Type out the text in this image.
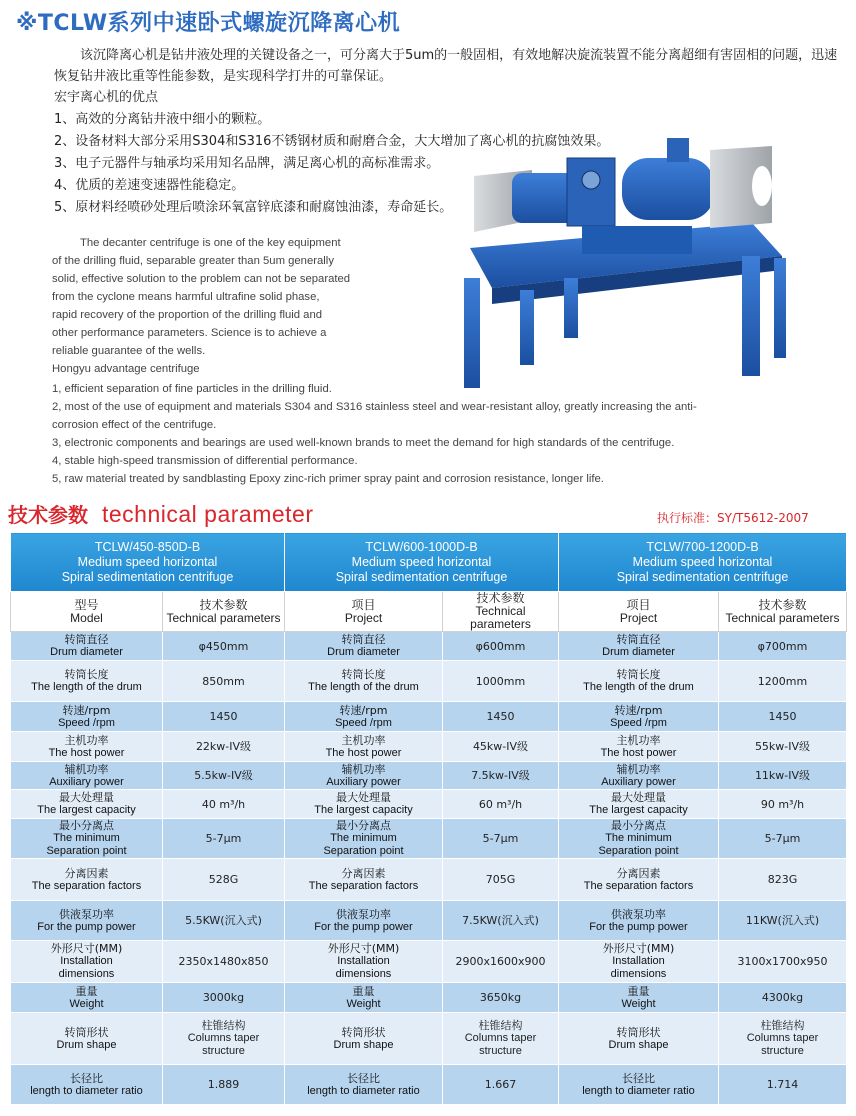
※TCLW系列中速卧式螺旋沉降离心机
该沉降离心机是钻井液处理的关键设备之一，可分离大于5um的一般固相，有效地解决旋流装置不能分离超细有害固相的问题，迅速恢复钻井液比重等性能参数，是实现科学打井的可靠保证。
宏宇离心机的优点
1、高效的分离钻井液中细小的颗粒。
2、设备材料大部分采用S304和S316不锈钢材质和耐磨合金，大大增加了离心机的抗腐蚀效果。
3、电子元器件与轴承均采用知名品牌，满足离心机的高标准需求。
4、优质的差速变速器性能稳定。
5、原材料经喷砂处理后喷涂环氧富锌底漆和耐腐蚀油漆，寿命延长。
The decanter centrifuge is one of the key equipment
of the drilling fluid, separable greater than 5um generally
solid, effective solution to the problem can not be separated
from the cyclone means harmful ultrafine solid phase,
rapid recovery of the proportion of the drilling fluid and
other performance parameters. Science is to achieve a
reliable guarantee of the wells.
Hongyu advantage centrifuge
1, efficient separation of fine particles in the drilling fluid.
2, most of the use of equipment and materials S304 and S316 stainless steel and wear-resistant alloy, greatly increasing the anti-
corrosion effect of the centrifuge.
3, electronic components and bearings are used well-known brands to meet the demand for high standards of the centrifuge.
4, stable high-speed transmission of differential performance.
5, raw material treated by sandblasting Epoxy zinc-rich primer spray paint and corrosion resistance, longer life.
技术参数 technical parameter	执行标准：SY/T5612-2007
TCLW/450-850D-B
Medium speed horizontal
Spiral sedimentation centrifuge		TCLW/600-1000D-B
Medium speed horizontal
Spiral sedimentation centrifuge		TCLW/700-1200D-B
Medium speed horizontal
Spiral sedimentation centrifuge	

型号
Model	技术参数
Technical parameters	项目
Project	技术参数
Technical parameters	项目
Project	技术参数
Technical parameters

转筒直径
Drum diameter	φ450mm	转筒直径
Drum diameter	φ600mm	转筒直径
Drum diameter	φ700mm

转筒长度
The length of the drum	850mm	转筒长度
The length of the drum	1000mm	转筒长度
The length of the drum	1200mm

转速/rpm
Speed /rpm	1450	转速/rpm
Speed /rpm	1450	转速/rpm
Speed /rpm	1450

主机功率
The host power	22kw-IV级	主机功率
The host power	45kw-IV级	主机功率
The host power	55kw-IV级

辅机功率
Auxiliary power	5.5kw-IV级	辅机功率
Auxiliary power	7.5kw-IV级	辅机功率
Auxiliary power	11kw-IV级

最大处理量
The largest capacity	40 m³/h	最大处理量
The largest capacity	60 m³/h	最大处理量
The largest capacity	90 m³/h

最小分离点
The minimum
Separation point	5-7μm	最小分离点
The minimum
Separation point	5-7μm	最小分离点
The minimum
Separation point	5-7μm

分离因素
The separation factors	528G	分离因素
The separation factors	705G	分离因素
The separation factors	823G

供液泵功率
For the pump power	5.5KW(沉入式)	供液泵功率
For the pump power	7.5KW(沉入式)	供液泵功率
For the pump power	11KW(沉入式)

外形尺寸(MM)
Installation
dimensions	2350x1480x850	外形尺寸(MM)
Installation
dimensions	2900x1600x900	外形尺寸(MM)
Installation
dimensions	3100x1700x950

重量
Weight	3000kg	重量
Weight	3650kg	重量
Weight	4300kg

转筒形状
Drum shape	柱锥结构
Columns taper
structure	转筒形状
Drum shape	柱锥结构
Columns taper
structure	转筒形状
Drum shape	柱锥结构
Columns taper
structure

长径比
length to diameter ratio	1.889	长径比
length to diameter ratio	1.667	长径比
length to diameter ratio	1.714
